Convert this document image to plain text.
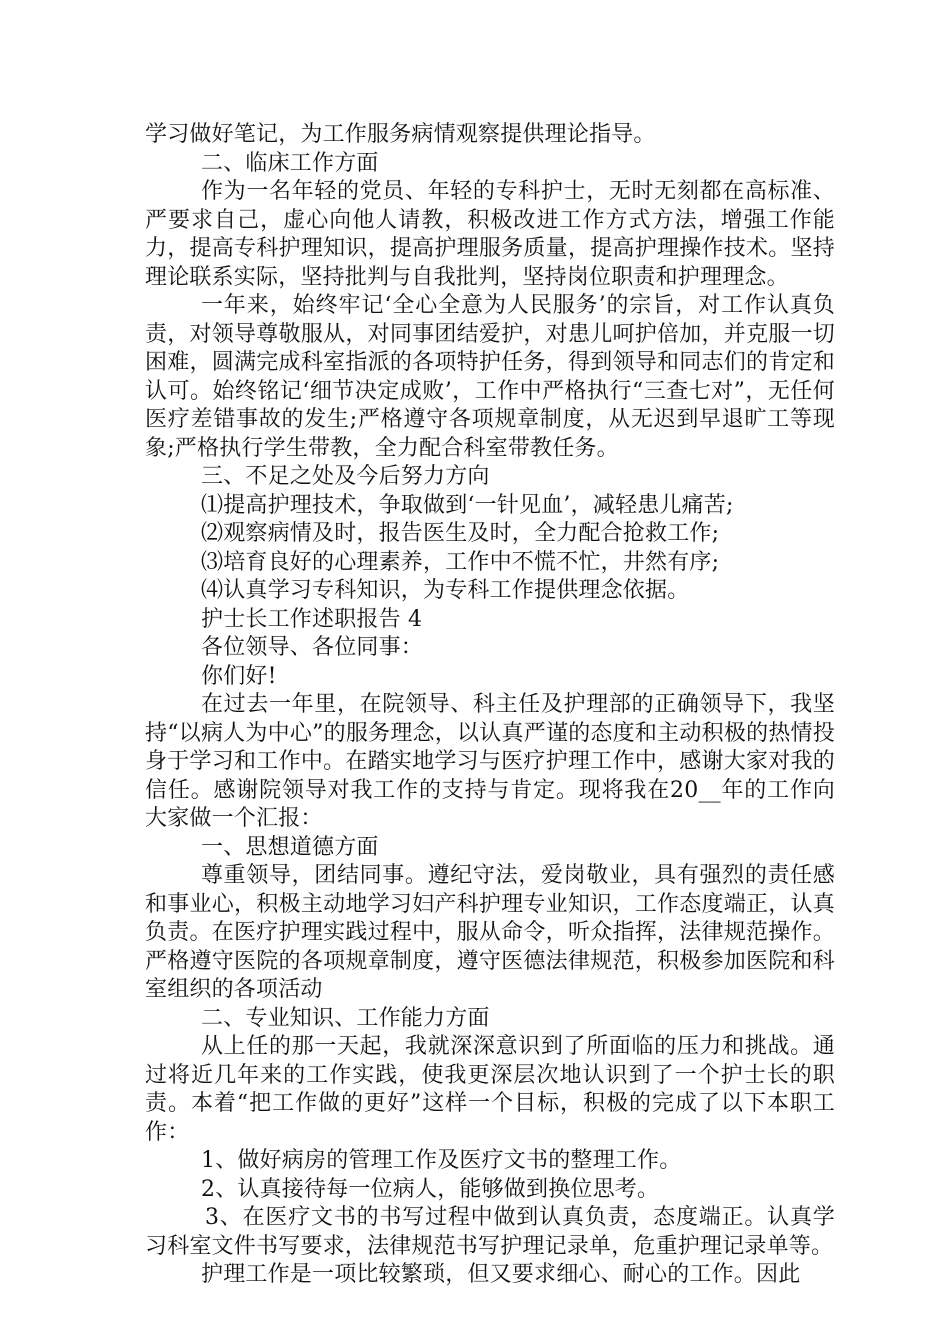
学习做好笔记，为工作服务病情观察提供理论指导。

二、临床工作方面

作为一名年轻的党员、年轻的专科护士，无时无刻都在高标准、严要求自己，虚心向他人请教，积极改进工作方式方法，增强工作能力，提高专科护理知识，提高护理服务质量，提高护理操作技术。坚持理论联系实际，坚持批判与自我批判，坚持岗位职责和护理理念。

一年来，始终牢记‘全心全意为人民服务’的宗旨，对工作认真负责，对领导尊敬服从，对同事团结爱护，对患儿呵护倍加，并克服一切困难，圆满完成科室指派的各项特护任务，得到领导和同志们的肯定和认可。始终铭记‘细节决定成败’，工作中严格执行“三查七对”，无任何医疗差错事故的发生;严格遵守各项规章制度，从无迟到早退旷工等现象;严格执行学生带教，全力配合科室带教任务。

三、不足之处及今后努力方向

⑴提高护理技术，争取做到‘一针见血’，减轻患儿痛苦;

⑵观察病情及时，报告医生及时，全力配合抢救工作;

⑶培育良好的心理素养，工作中不慌不忙，井然有序;

⑷认真学习专科知识，为专科工作提供理念依据。

护士长工作述职报告 4

各位领导、各位同事：

你们好!

在过去一年里，在院领导、科主任及护理部的正确领导下，我坚持“以病人为中心”的服务理念，以认真严谨的态度和主动积极的热情投身于学习和工作中。在踏实地学习与医疗护理工作中，感谢大家对我的信任。感谢院领导对我工作的支持与肯定。现将我在20__年的工作向大家做一个汇报：

一、思想道德方面

尊重领导，团结同事。遵纪守法，爱岗敬业，具有强烈的责任感和事业心，积极主动地学习妇产科护理专业知识，工作态度端正，认真负责。在医疗护理实践过程中，服从命令，听众指挥，法律规范操作。严格遵守医院的各项规章制度，遵守医德法律规范，积极参加医院和科室组织的各项活动

二、专业知识、工作能力方面

从上任的那一天起，我就深深意识到了所面临的压力和挑战。通过将近几年来的工作实践，使我更深层次地认识到了一个护士长的职责。本着“把工作做的更好”这样一个目标，积极的完成了以下本职工作：

1、做好病房的管理工作及医疗文书的整理工作。

2、认真接待每一位病人，能够做到换位思考。

3、在医疗文书的书写过程中做到认真负责，态度端正。认真学习科室文件书写要求，法律规范书写护理记录单，危重护理记录单等。

护理工作是一项比较繁琐，但又要求细心、耐心的工作。因此
